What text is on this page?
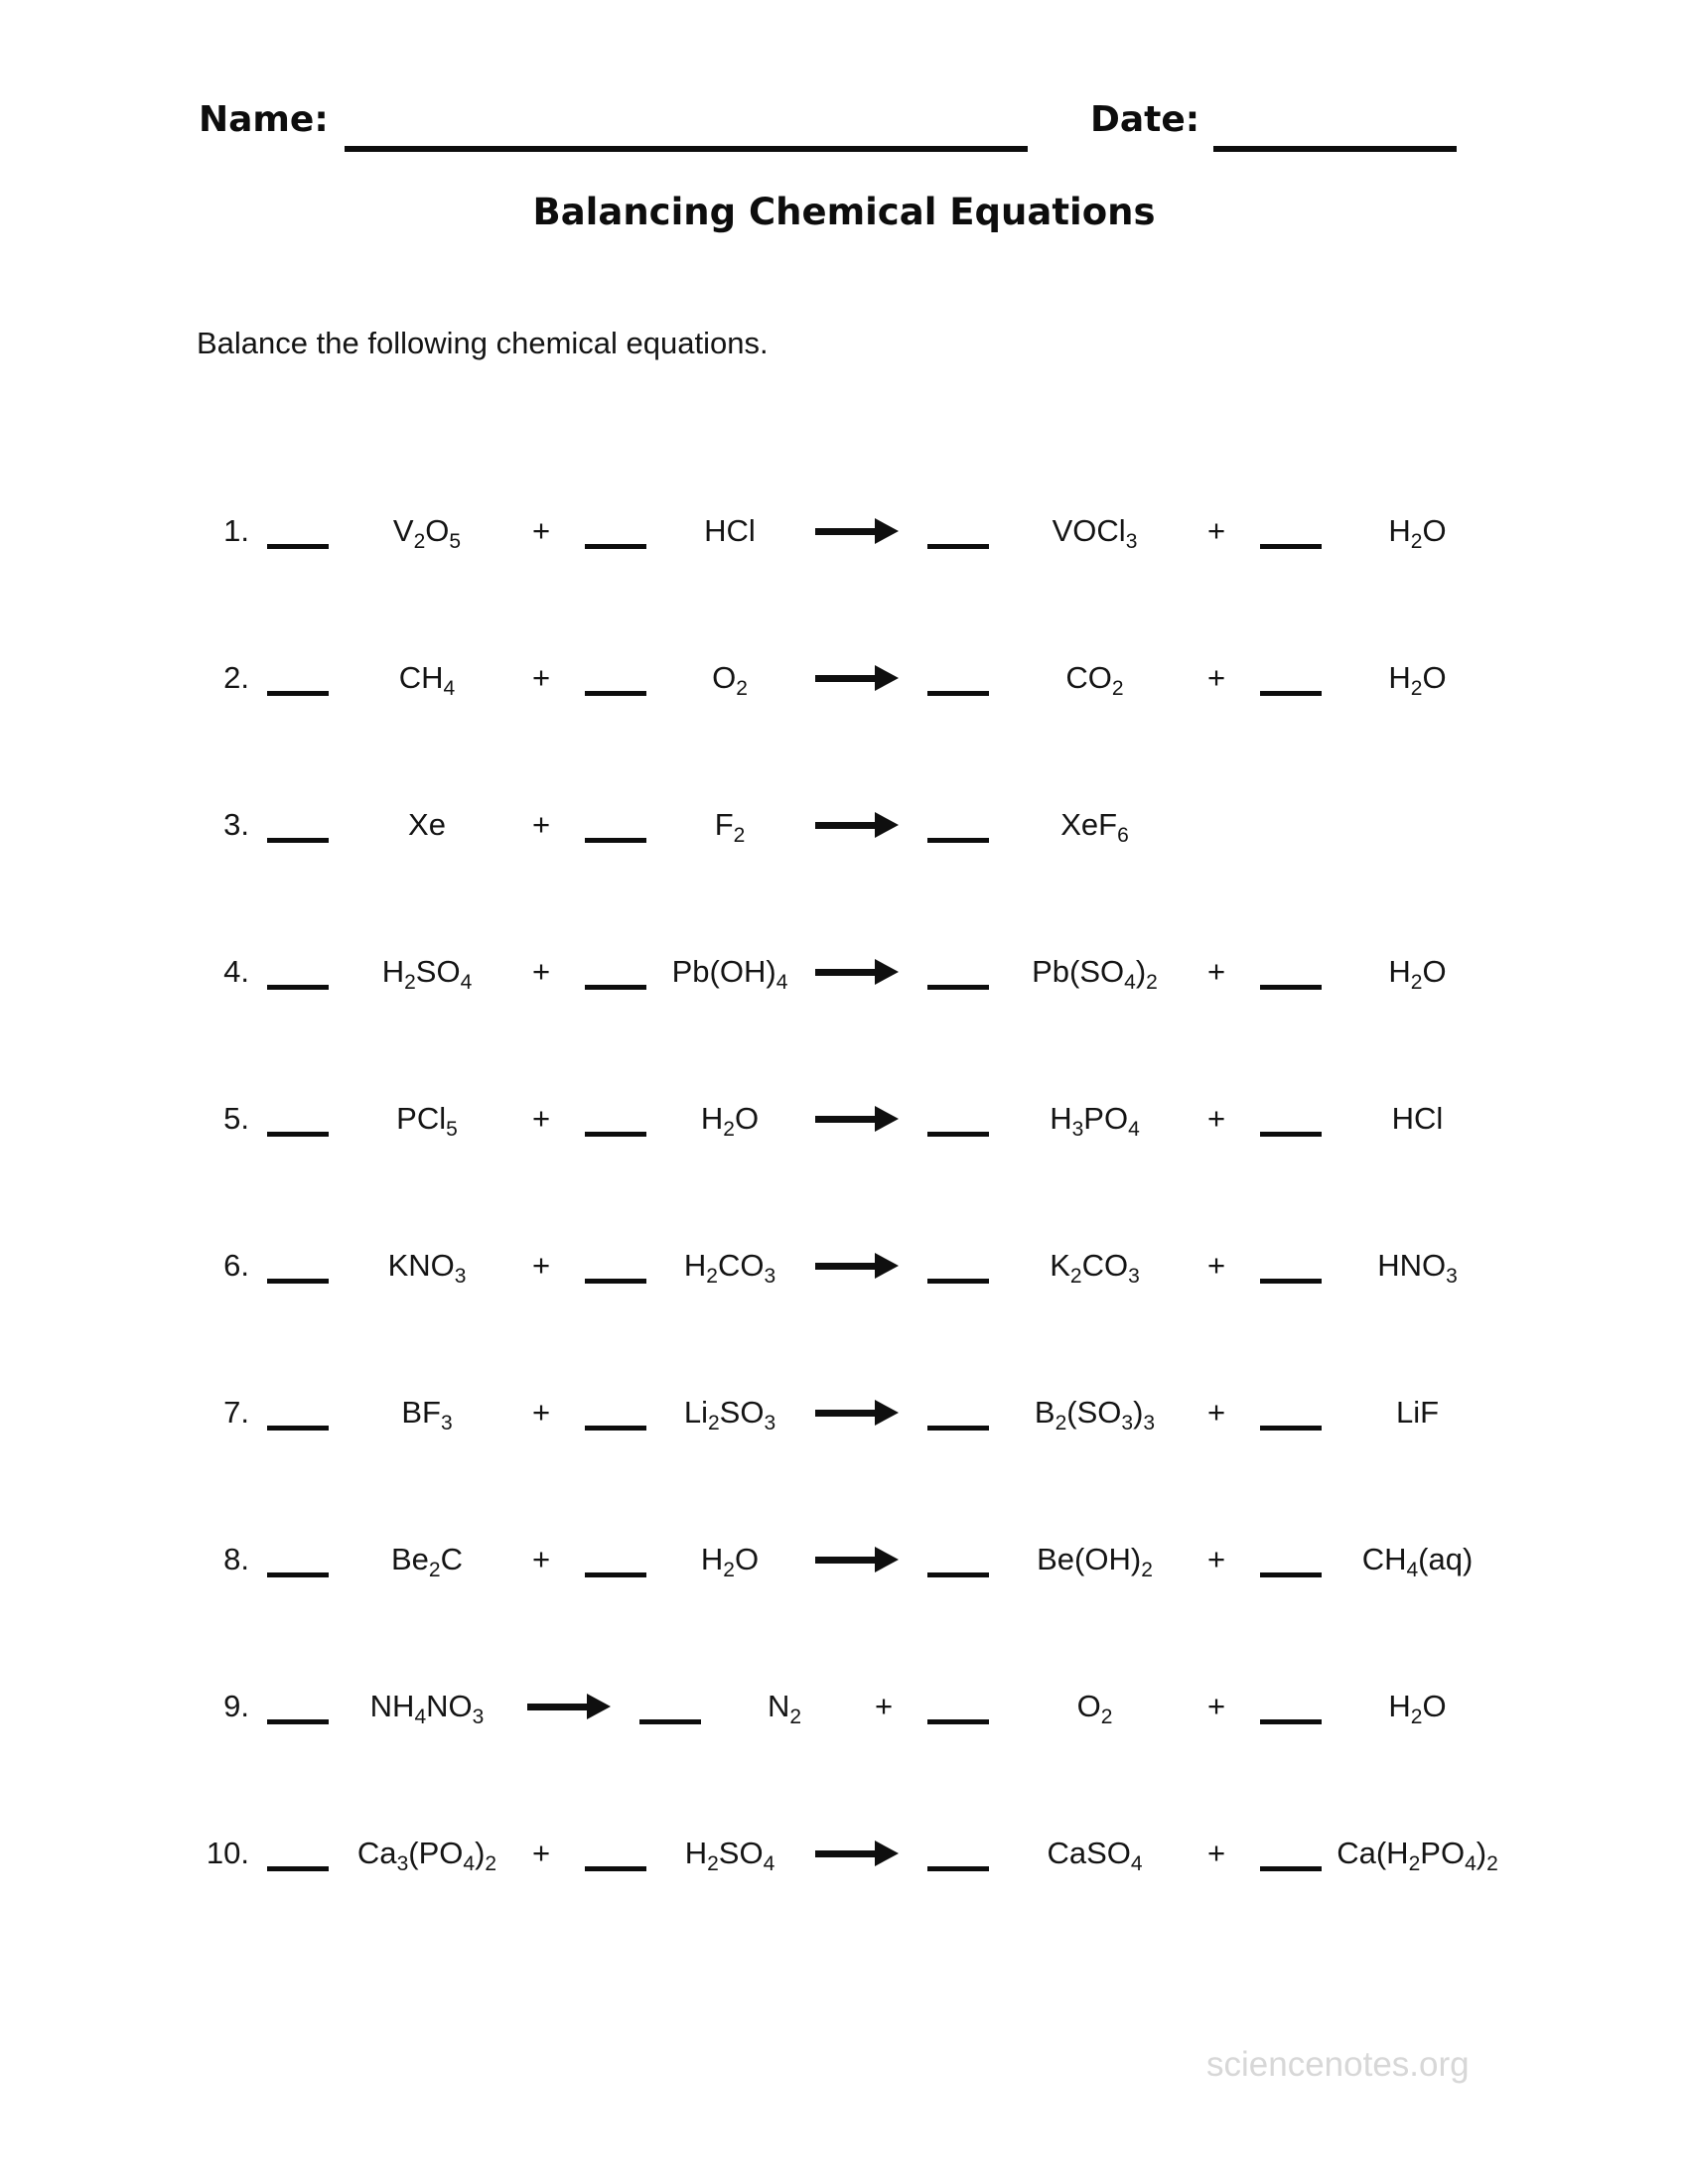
Name:	Date:
Balancing Chemical Equations

Balance the following chemical equations.

1.	$V_2O_5$	+	HCl	→	VOCl$_3$	+	$H_2O$
2.	$CH_4$	+	$O_2$	$CO_2$	+	$H_2O$
3.	Xe	+	$F_2$	XeF$_6$
4.	$H_2SO_4$	+	$Pb(OH)_4$ →	$Pb(SO_4)_2$	+	$H_2O$
5.	PCl$_5$	+	$H_2O$	→	$H_3PO_4$	+	HCl
6.	$KNO_3$	+	$H_2CO_3$ →	$K_2CO_3$	+	$HNO_3$
7.	$BF_3$	+	$Li_2SO_3$ →	$B_2(SO_3)_3$	+	LiF
8.	$Be_2C$	+	$H_2O$	→	$Be(OH)_2$	+	$CH_4(aq)$
9.	$NH_4NO_3$ →	$N_2$	+	$O_2$	+	$H_2O$
10.	$Ca_3(PO_4)_2$	+	$H_2SO_4$ →	CaSO$_4$	+	$Ca(H_2PO_4)_2$
sciencenotes.org
